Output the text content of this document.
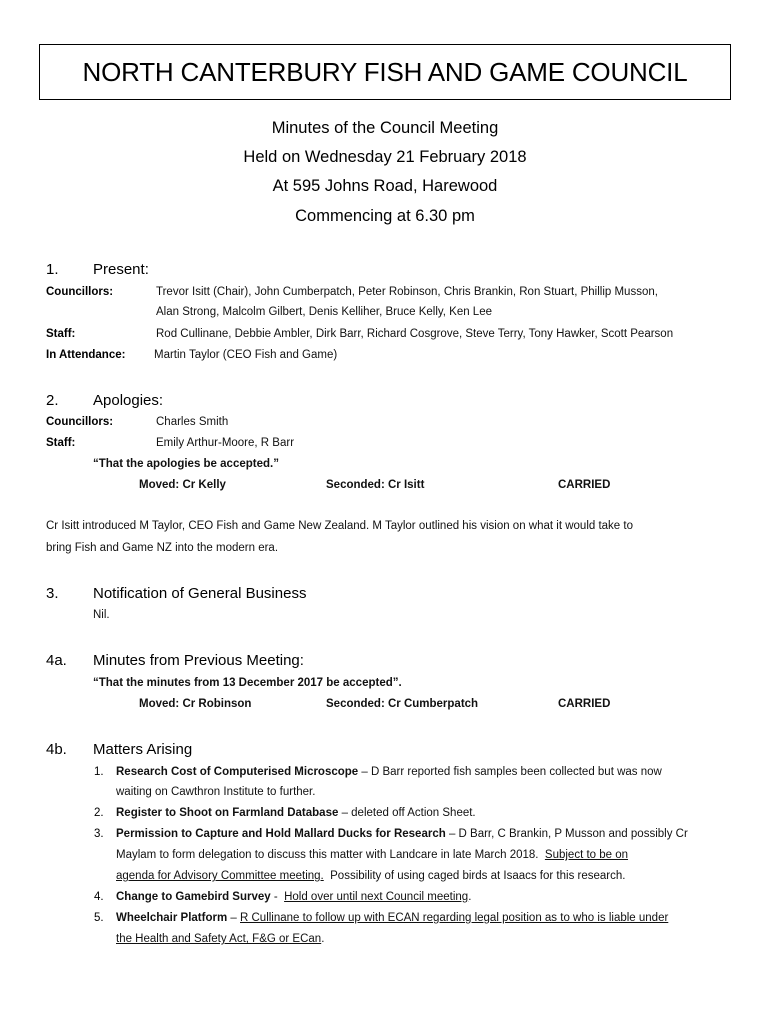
NORTH CANTERBURY FISH AND GAME COUNCIL
Minutes of the Council Meeting
Held on Wednesday 21 February 2018
At 595 Johns Road, Harewood
Commencing at 6.30 pm
1. Present:
Councillors:	Trevor Isitt (Chair), John Cumberpatch, Peter Robinson, Chris Brankin, Ron Stuart, Phillip Musson,
Alan Strong, Malcolm Gilbert, Denis Kelliher, Bruce Kelly, Ken Lee
Staff:	Rod Cullinane, Debbie Ambler, Dirk Barr, Richard Cosgrove, Steve Terry, Tony Hawker, Scott Pearson
In Attendance: Martin Taylor (CEO Fish and Game)
2. Apologies:
Councillors:	Charles Smith
Staff:	Emily Arthur-Moore, R Barr
“That the apologies be accepted.”
Moved: Cr Kelly	Seconded: Cr Isitt	CARRIED
Cr Isitt introduced M Taylor, CEO Fish and Game New Zealand. M Taylor outlined his vision on what it would take to
bring Fish and Game NZ into the modern era.
3. Notification of General Business
Nil.
4a. Minutes from Previous Meeting:
“That the minutes from 13 December 2017 be accepted”.
Moved: Cr Robinson	Seconded: Cr Cumberpatch	CARRIED
4b. Matters Arising
1. Research Cost of Computerised Microscope – D Barr reported fish samples been collected but was now
waiting on Cawthron Institute to further.
2. Register to Shoot on Farmland Database – deleted off Action Sheet.
3. Permission to Capture and Hold Mallard Ducks for Research – D Barr, C Brankin, P Musson and possibly Cr
Maylam to form delegation to discuss this matter with Landcare in late March 2018.  Subject to be on
agenda for Advisory Committee meeting.  Possibility of using caged birds at Isaacs for this research.
4. Change to Gamebird Survey -  Hold over until next Council meeting.
5. Wheelchair Platform – R Cullinane to follow up with ECAN regarding legal position as to who is liable under
the Health and Safety Act, F&G or ECan.
